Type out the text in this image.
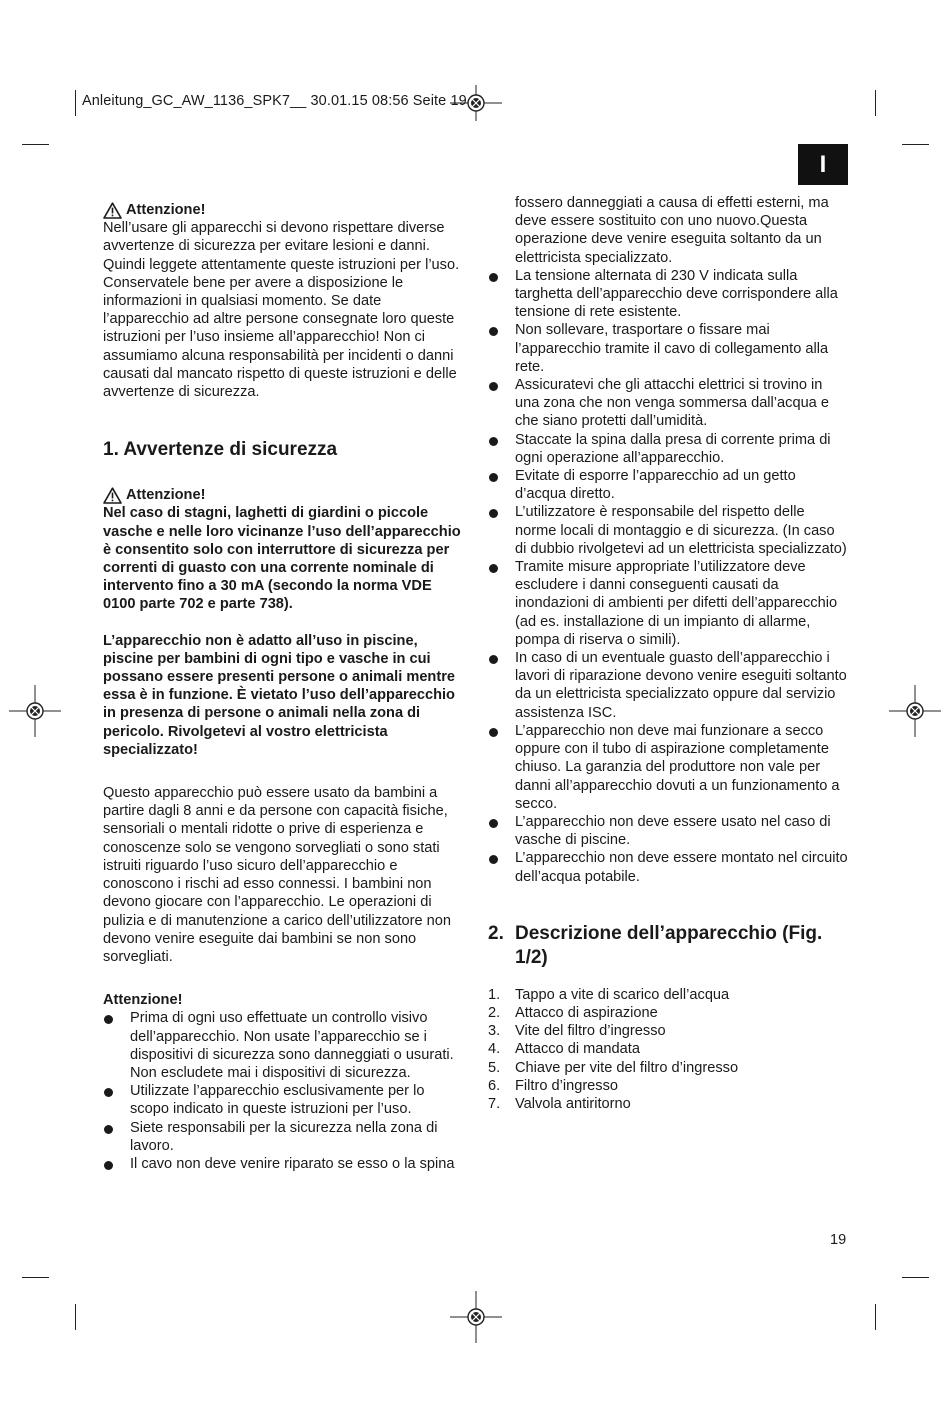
Anleitung_GC_AW_1136_SPK7__ 30.01.15 08:56 Seite 19
I
Attenzione!

Nell’usare gli apparecchi si devono rispettare diverse avvertenze di sicurezza per evitare lesioni e danni. Quindi leggete attentamente queste istruzioni per l’uso. Conservatele bene per avere a disposizione le informazioni in qualsiasi momento. Se date l’apparecchio ad altre persone consegnate loro queste istruzioni per l’uso insieme all’apparecchio! Non ci assumiamo alcuna responsabilità per incidenti o danni causati dal mancato rispetto di queste istruzioni e delle avvertenze di sicurezza.

1. Avvertenze di sicurezza
Attenzione!

Nel caso di stagni, laghetti di giardini o piccole vasche e nelle loro vicinanze l’uso dell’apparecchio è consentito solo con interruttore di sicurezza per correnti di guasto con una corrente nominale di intervento fino a 30 mA (secondo la norma VDE 0100 parte 702 e parte 738).

L’apparecchio non è adatto all’uso in piscine, piscine per bambini di ogni tipo e vasche in cui possano essere presenti persone o animali mentre essa è in funzione. È vietato l’uso dell’apparecchio in presenza di persone o animali nella zona di pericolo. Rivolgetevi al vostro elettricista specializzato!

Questo apparecchio può essere usato da bambini a partire dagli 8 anni e da persone con capacità fisiche, sensoriali o mentali ridotte o prive di esperienza e conoscenze solo se vengono sorvegliati o sono stati istruiti riguardo l’uso sicuro dell’apparecchio e conoscono i rischi ad esso connessi. I bambini non devono giocare con l’apparecchio. Le operazioni di pulizia e di manutenzione a carico dell’utilizzatore non devono venire eseguite dai bambini se non sono sorvegliati.

Attenzione!

Prima di ogni uso effettuate un controllo visivo dell’apparecchio. Non usate l’apparecchio se i dispositivi di sicurezza sono danneggiati o usurati. Non escludete mai i dispositivi di sicurezza.
Utilizzate l’apparecchio esclusivamente per lo scopo indicato in queste istruzioni per l’uso.
Siete responsabili per la sicurezza nella zona di lavoro.
Il cavo non deve venire riparato se esso o la spina

fossero danneggiati a causa di effetti esterni, ma deve essere sostituito con uno nuovo.Questa operazione deve venire eseguita soltanto da un elettricista specializzato.

La tensione alternata di 230 V indicata sulla targhetta dell’apparecchio deve corrispondere alla tensione di rete esistente.
Non sollevare, trasportare o fissare mai l’apparecchio tramite il cavo di collegamento alla rete.
Assicuratevi che gli attacchi elettrici si trovino in una zona che non venga sommersa dall’acqua e che siano protetti dall’umidità.
Staccate la spina dalla presa di corrente prima di ogni operazione all’apparecchio.
Evitate di esporre l’apparecchio ad un getto d’acqua diretto.
L’utilizzatore è responsabile del rispetto delle norme locali di montaggio e di sicurezza. (In caso di dubbio rivolgetevi ad un elettricista specializzato)
Tramite misure appropriate l’utilizzatore deve escludere i danni conseguenti causati da inondazioni di ambienti per difetti dell’apparecchio (ad es. installazione di un impianto di allarme, pompa di riserva o simili).
In caso di un eventuale guasto dell’apparecchio i lavori di riparazione devono venire eseguiti soltanto da un elettricista specializzato oppure dal servizio assistenza ISC.
L’apparecchio non deve mai funzionare a secco oppure con il tubo di aspirazione completamente chiuso. La garanzia del produttore non vale per danni all’apparecchio dovuti a un funzionamento a secco.
L’apparecchio non deve essere usato nel caso di vasche di piscine.
L’apparecchio non deve essere montato nel circuito dell’acqua potabile.
2. Descrizione dell’apparecchio (Fig. 1/2)
1.	Tappo a vite di scarico dell’acqua
2.	Attacco di aspirazione
3.	Vite del filtro d’ingresso
4.	Attacco di mandata
5.	Chiave per vite del filtro d’ingresso
6.	Filtro d’ingresso
7.	Valvola antiritorno
19
